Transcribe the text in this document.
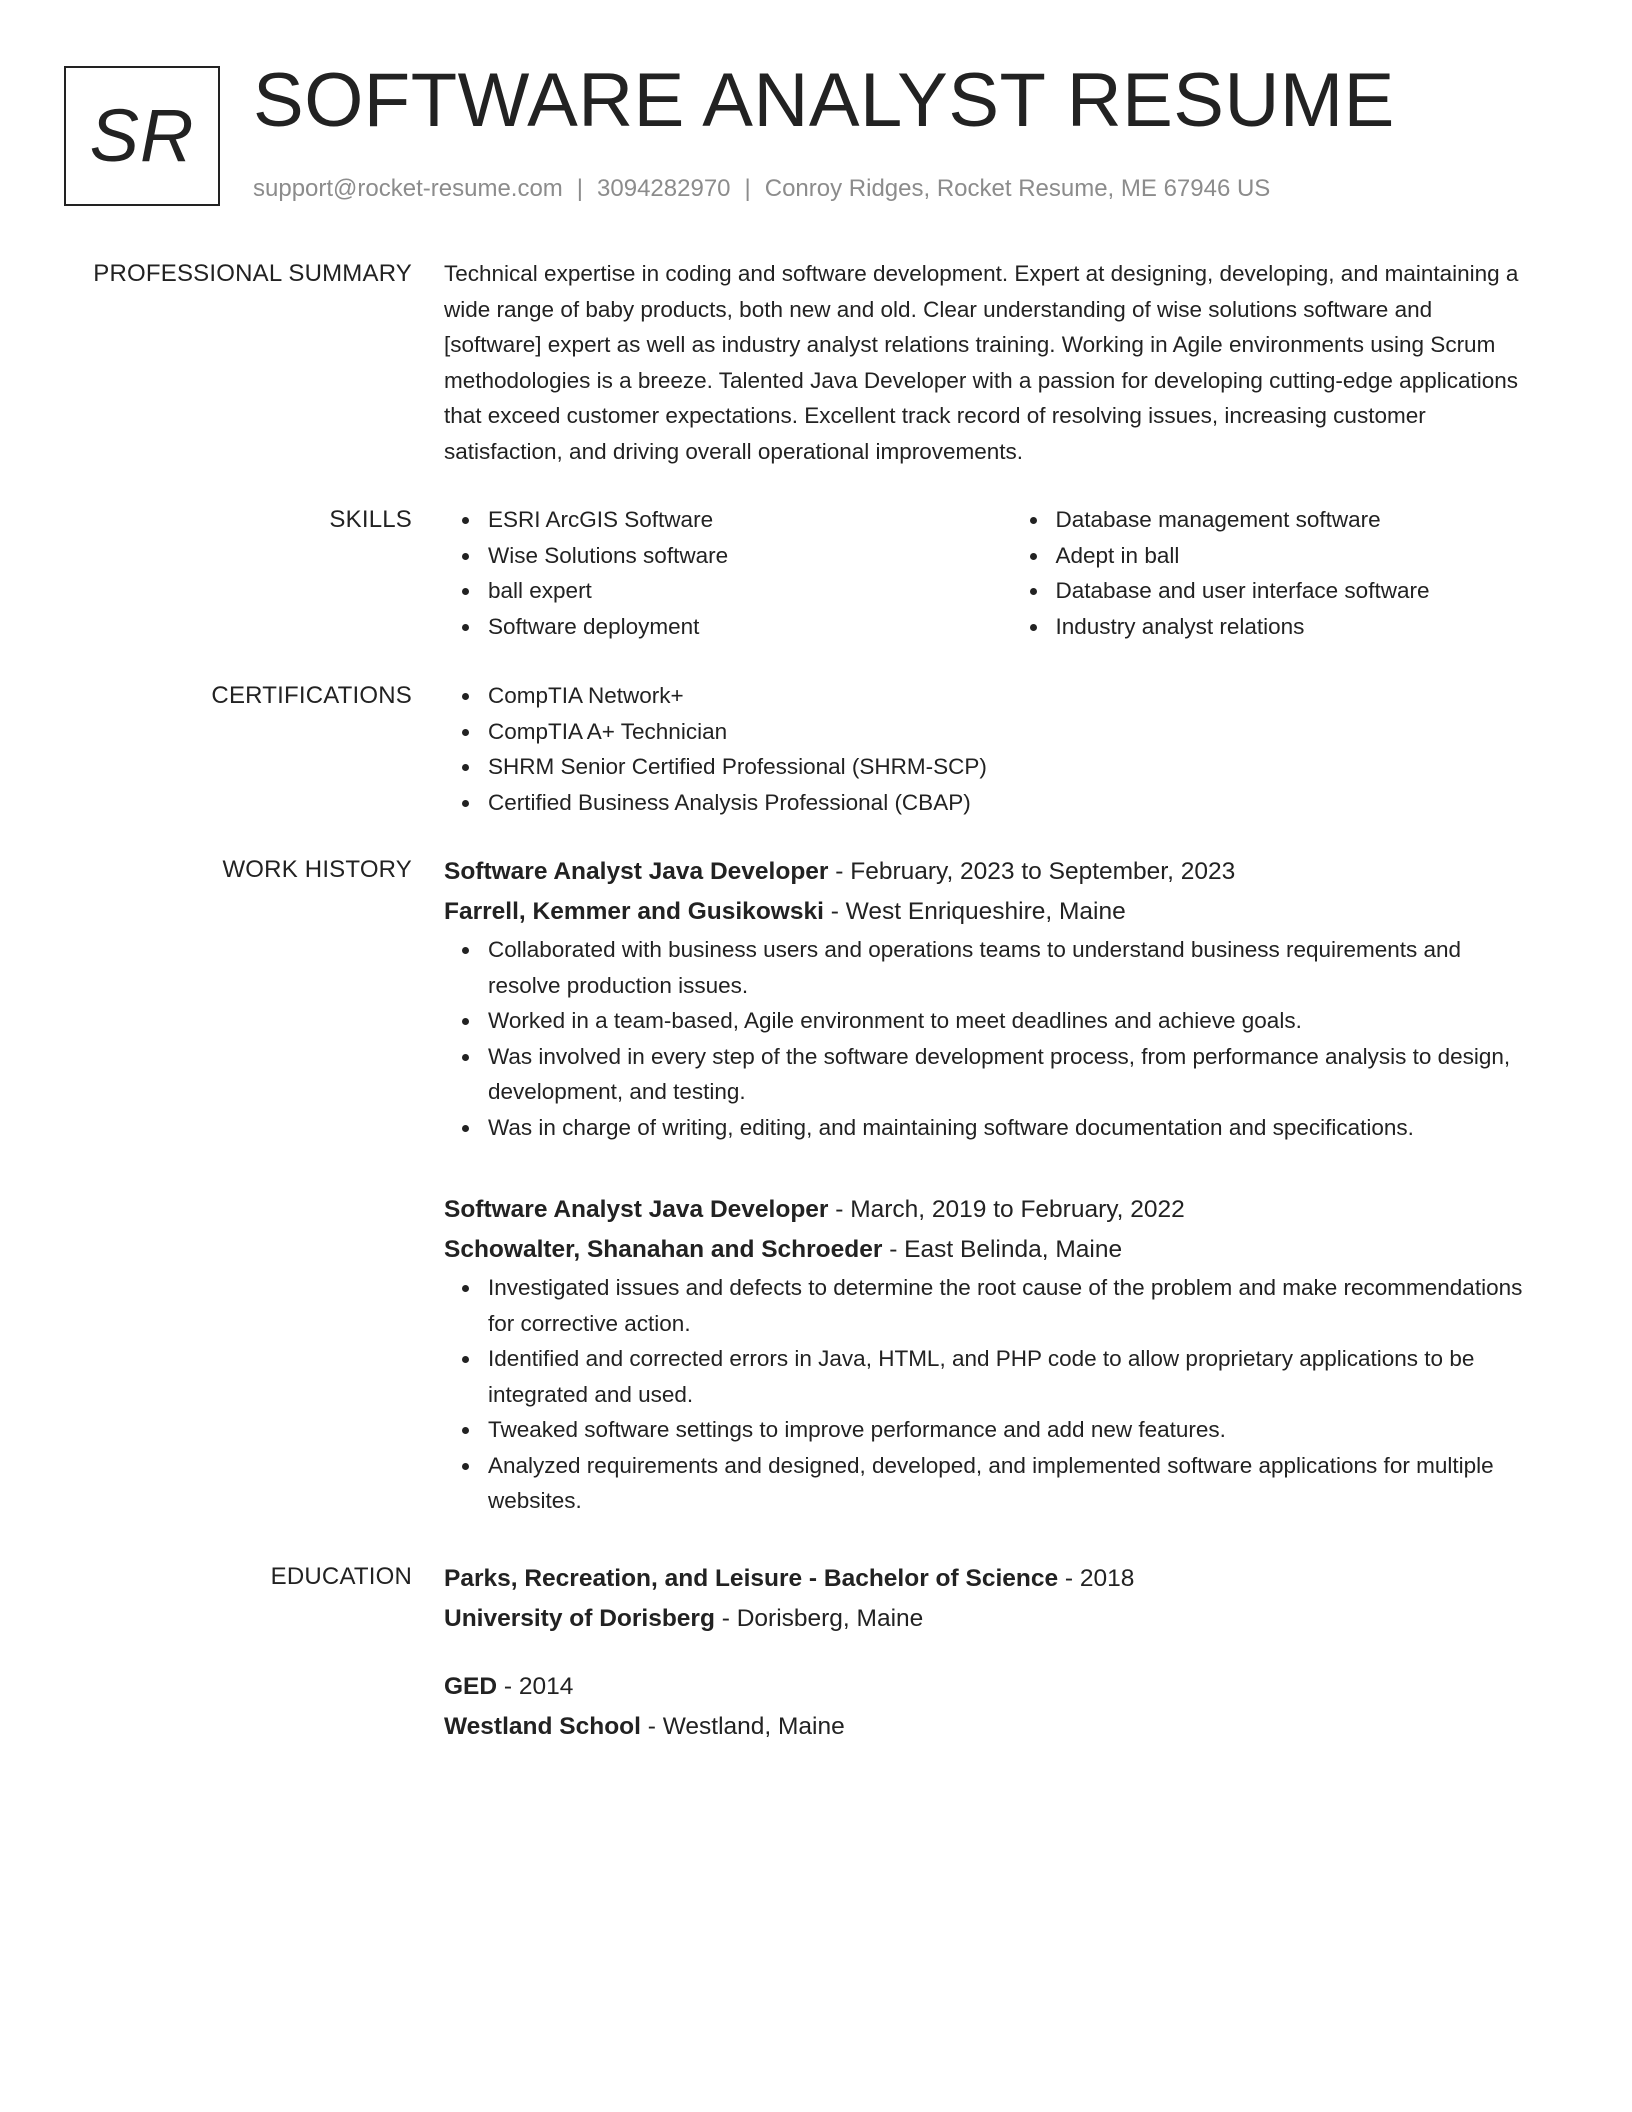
SR SOFTWARE ANALYST RESUME
support@rocket-resume.com | 3094282970 | Conroy Ridges, Rocket Resume, ME 67946 US
PROFESSIONAL SUMMARY Technical expertise in coding and software development. Expert at designing, developing, and maintaining a wide range of baby products, both new and old. Clear understanding of wise solutions software and [software] expert as well as industry analyst relations training. Working in Agile environments using Scrum methodologies is a breeze. Talented Java Developer with a passion for developing cutting-edge applications that exceed customer expectations. Excellent track record of resolving issues, increasing customer satisfaction, and driving overall operational improvements.

SKILLS	ESRI ArcGIS Software
Wise Solutions software
ball expert
Software deployment
Database management software
Adept in ball
Database and user interface software
Industry analyst relations
CERTIFICATIONS	CompTIA Network+
CompTIA A+ Technician
SHRM Senior Certified Professional (SHRM-SCP)
Certified Business Analysis Professional (CBAP)
WORK HISTORY Software Analyst Java Developer - February, 2023 to September, 2023
Farrell, Kemmer and Gusikowski - West Enriqueshire, Maine
Collaborated with business users and operations teams to understand business requirements and resolve production issues.
Worked in a team-based, Agile environment to meet deadlines and achieve goals.
Was involved in every step of the software development process, from performance analysis to design, development, and testing.
Was in charge of writing, editing, and maintaining software documentation and specifications.
Software Analyst Java Developer - March, 2019 to February, 2022
Schowalter, Shanahan and Schroeder - East Belinda, Maine
Investigated issues and defects to determine the root cause of the problem and make recommendations for corrective action.
Identified and corrected errors in Java, HTML, and PHP code to allow proprietary applications to be integrated and used.
Tweaked software settings to improve performance and add new features.
Analyzed requirements and designed, developed, and implemented software applications for multiple websites.
EDUCATION Parks, Recreation, and Leisure - Bachelor of Science - 2018
University of Dorisberg - Dorisberg, Maine
GED - 2014
Westland School - Westland, Maine
